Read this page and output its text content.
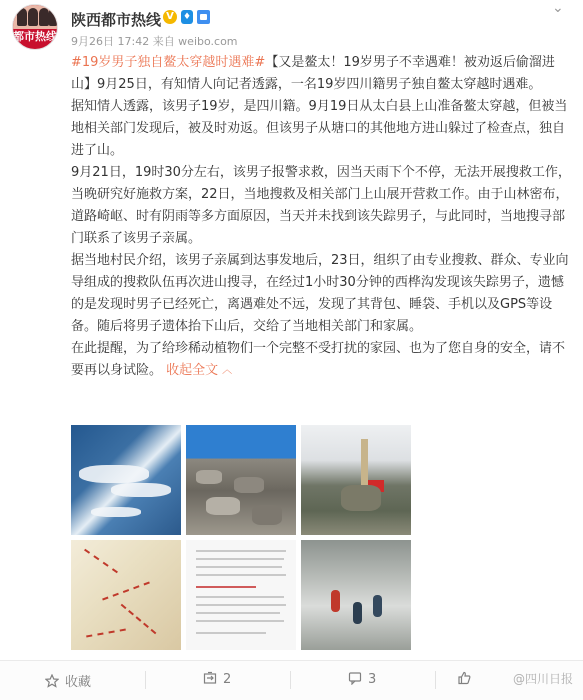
都市热线
陕西都市热线 V	♦
⌄
9月26日 17:42 来自 weibo.com

#19岁男子独自鳌太穿越时遇难#【又是鳌太！19岁男子不幸遇难！被劝返后偷溜进山】9月25日，有知情人向记者透露，一名19岁四川籍男子独自鳌太穿越时遇难。

据知情人透露，该男子19岁，是四川籍。9月19日从太白县上山准备鳌太穿越，但被当地相关部门发现后，被及时劝返。但该男子从塘口的其他地方进山躲过了检查点，独自进了山。

9月21日，19时30分左右，该男子报警求救，因当天雨下个不停，无法开展搜救工作，当晚研究好施救方案，22日，当地搜救及相关部门上山展开营救工作。由于山林密布，道路崎岖、时有阴雨等多方面原因，当天并未找到该失踪男子，与此同时，当地搜寻部门联系了该男子亲属。

据当地村民介绍，该男子亲属到达事发地后，23日，组织了由专业搜救、群众、专业向导组成的搜救队伍再次进山搜寻，在经过1小时30分钟的西桦沟发现该失踪男子，遗憾的是发现时男子已经死亡，离遇难处不远，发现了其背包、睡袋、手机以及GPS等设备。随后将男子遗体抬下山后，交给了当地相关部门和家属。

在此提醒，为了给珍稀动植物们一个完整不受打扰的家园、也为了您自身的安全，请不要再以身试险。 收起全文 ︿

收藏	2	3	@四川日报
